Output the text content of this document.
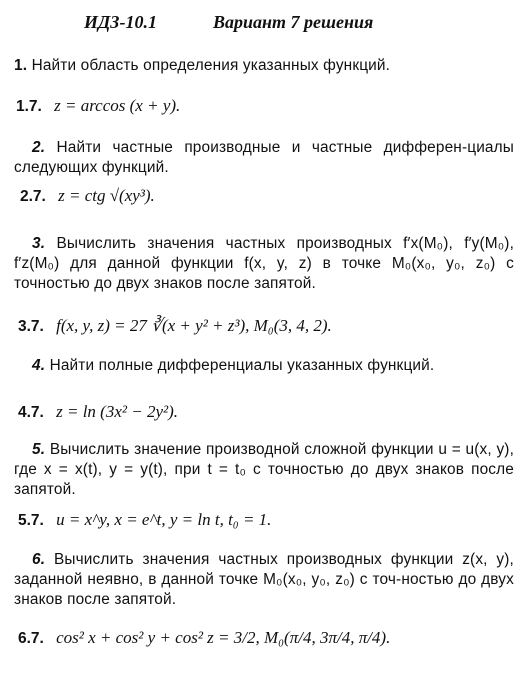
ИДЗ-10.1	Вариант 7 решения
1. Найти область определения указанных функций.
1.7. z = arccos (x + y).
2. Найти частные производные и частные дифферен-циалы следующих функций.
2.7. z = ctg √(xy³).
3. Вычислить значения частных производных f′x(M₀), f′y(M₀), f′z(M₀) для данной функции f(x, y, z) в точке M₀(x₀, y₀, z₀) с точностью до двух знаков после запятой.
3.7. f(x, y, z) = 27 ∛(x + y² + z³), M₀(3, 4, 2).
4. Найти полные дифференциалы указанных функций.
4.7. z = ln (3x² − 2y²).
5. Вычислить значение производной сложной функции u = u(x, y), где x = x(t), y = y(t), при t = t₀ с точностью до двух знаков после запятой.
5.7. u = x^y, x = e^t, y = ln t, t₀ = 1.
6. Вычислить значения частных производных функции z(x, y), заданной неявно, в данной точке M₀(x₀, y₀, z₀) с точ-ностью до двух знаков после запятой.
6.7. cos² x + cos² y + cos² z = 3/2, M₀(π/4, 3π/4, π/4).
